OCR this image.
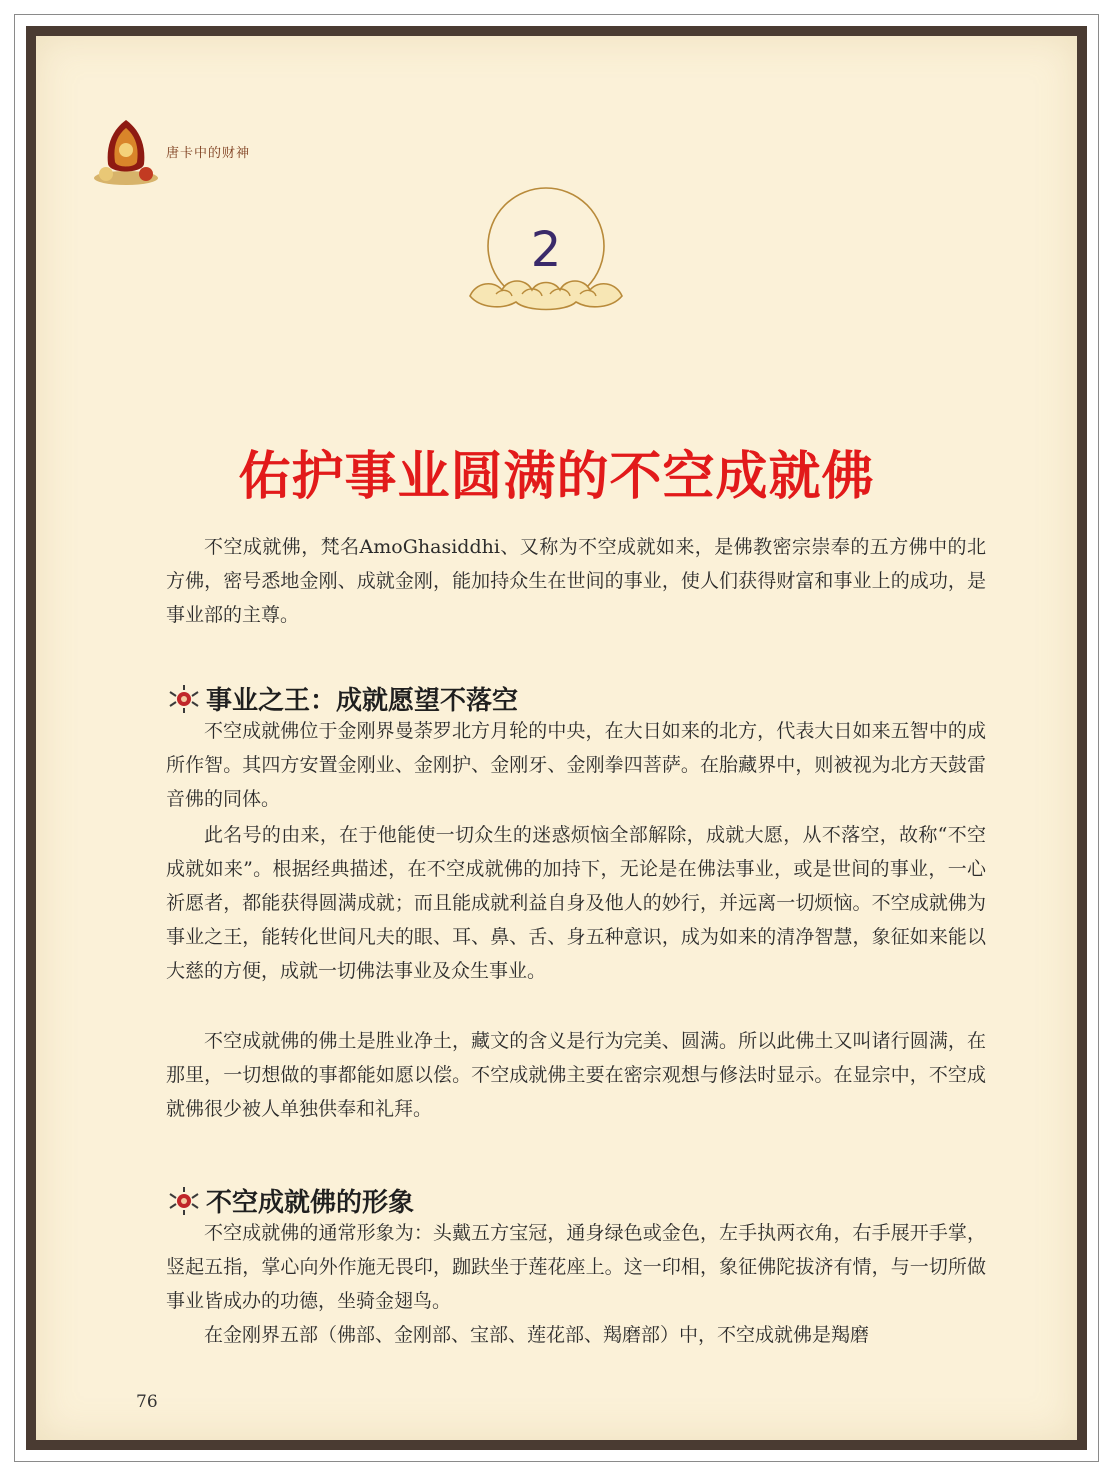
唐卡中的财神
2
佑护事业圆满的不空成就佛

不空成就佛，梵名AmoGhasiddhi、又称为不空成就如来，是佛教密宗崇奉的五方佛中的北方佛，密号悉地金刚、成就金刚，能加持众生在世间的事业，使人们获得财富和事业上的成功，是事业部的主尊。

事业之王：成就愿望不落空

不空成就佛位于金刚界曼荼罗北方月轮的中央，在大日如来的北方，代表大日如来五智中的成所作智。其四方安置金刚业、金刚护、金刚牙、金刚拳四菩萨。在胎藏界中，则被视为北方天鼓雷音佛的同体。

此名号的由来，在于他能使一切众生的迷惑烦恼全部解除，成就大愿，从不落空，故称“不空成就如来”。根据经典描述，在不空成就佛的加持下，无论是在佛法事业，或是世间的事业，一心祈愿者，都能获得圆满成就；而且能成就利益自身及他人的妙行，并远离一切烦恼。不空成就佛为事业之王，能转化世间凡夫的眼、耳、鼻、舌、身五种意识，成为如来的清净智慧，象征如来能以大慈的方便，成就一切佛法事业及众生事业。

不空成就佛的佛土是胜业净土，藏文的含义是行为完美、圆满。所以此佛土又叫诸行圆满，在那里，一切想做的事都能如愿以偿。不空成就佛主要在密宗观想与修法时显示。在显宗中，不空成就佛很少被人单独供奉和礼拜。

不空成就佛的形象

不空成就佛的通常形象为：头戴五方宝冠，通身绿色或金色，左手执两衣角，右手展开手掌，竖起五指，掌心向外作施无畏印，跏趺坐于莲花座上。这一印相，象征佛陀拔济有情，与一切所做事业皆成办的功德，坐骑金翅鸟。

在金刚界五部（佛部、金刚部、宝部、莲花部、羯磨部）中，不空成就佛是羯磨

76
